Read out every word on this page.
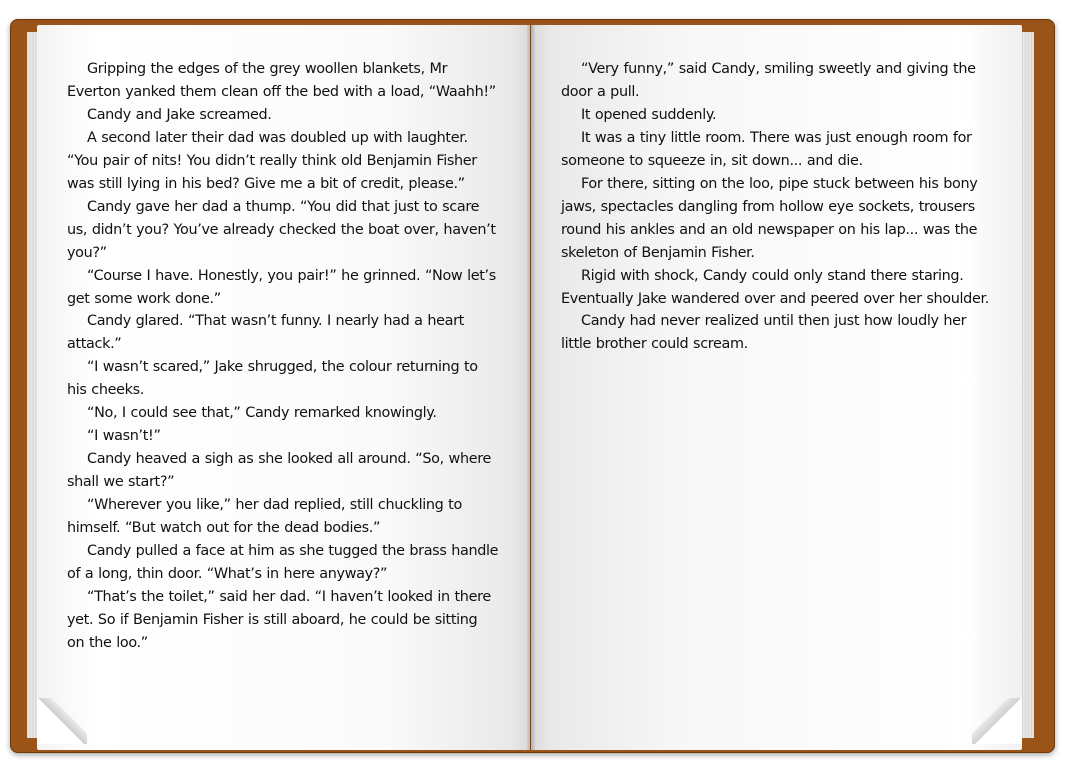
Gripping the edges of the grey woollen blankets, Mr Everton yanked them clean off the bed with a load, “Waahh!”

Candy and Jake screamed.

A second later their dad was doubled up with laughter. “You pair of nits! You didn’t really think old Benjamin Fisher was still lying in his bed? Give me a bit of credit, please.”

Candy gave her dad a thump. “You did that just to scare us, didn’t you? You’ve already checked the boat over, haven’t you?”

“Course I have. Honestly, you pair!” he grinned. “Now let’s get some work done.”

Candy glared. “That wasn’t funny. I nearly had a heart attack.”

“I wasn’t scared,” Jake shrugged, the colour returning to his cheeks.

“No, I could see that,” Candy remarked knowingly.

“I wasn’t!”

Candy heaved a sigh as she looked all around. “So, where shall we start?”

“Wherever you like,” her dad replied, still chuckling to himself. “But watch out for the dead bodies.”

Candy pulled a face at him as she tugged the brass handle of a long, thin door. “What’s in here anyway?”

“That’s the toilet,” said her dad. “I haven’t looked in there yet. So if Benjamin Fisher is still aboard, he could be sitting on the loo.”

“Very funny,” said Candy, smiling sweetly and giving the door a pull.

It opened suddenly.

It was a tiny little room. There was just enough room for someone to squeeze in, sit down... and die.

For there, sitting on the loo, pipe stuck between his bony jaws, spectacles dangling from hollow eye sockets, trousers round his ankles and an old newspaper on his lap... was the skeleton of Benjamin Fisher.

Rigid with shock, Candy could only stand there staring. Eventually Jake wandered over and peered over her shoulder.

Candy had never realized until then just how loudly her little brother could scream.
